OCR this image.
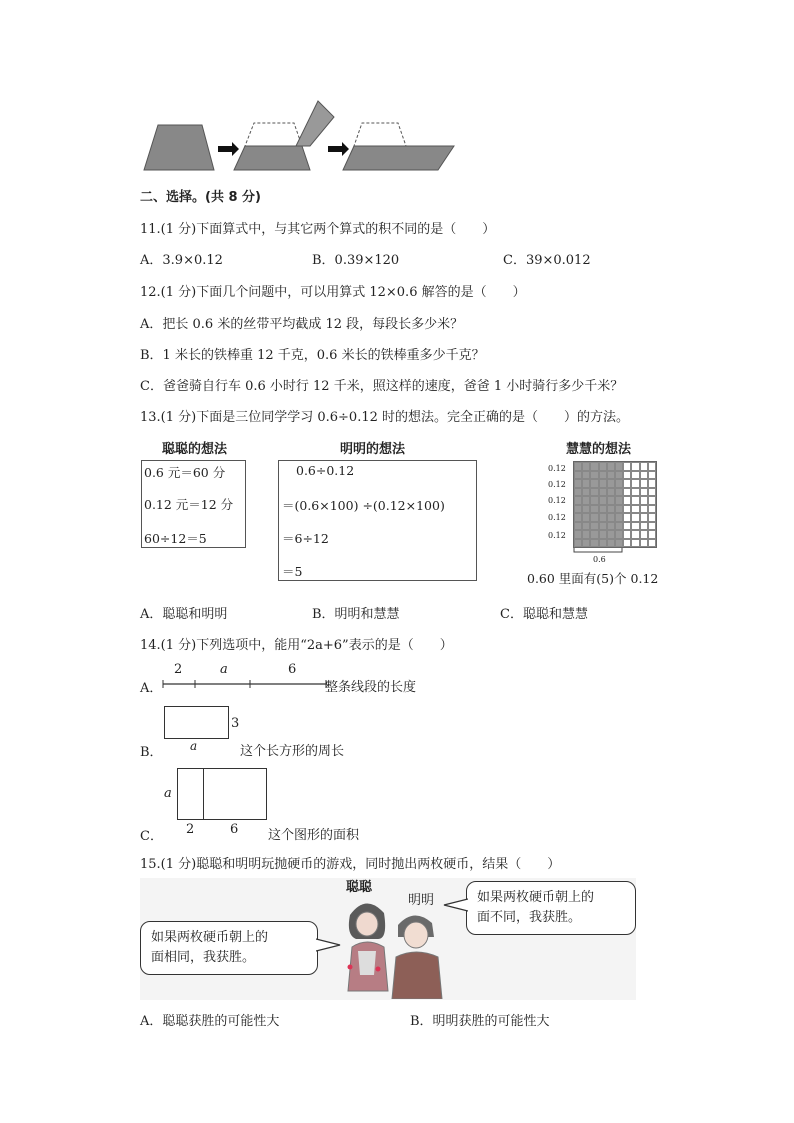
二、选择。(共 8 分)
11.(1 分)下面算式中，与其它两个算式的积不同的是（　　）
A．3.9×0.12	B．0.39×120	C．39×0.012
12.(1 分)下面几个问题中，可以用算式 12×0.6 解答的是（　　）
A．把长 0.6 米的丝带平均截成 12 段，每段长多少米？
B．1 米长的铁棒重 12 千克，0.6 米长的铁棒重多少千克？
C．爸爸骑自行车 0.6 小时行 12 千米，照这样的速度，爸爸 1 小时骑行多少千米？
13.(1 分)下面是三位同学学习 0.6÷0.12 时的想法。完全正确的是（　　）的方法。
聪聪的想法
0.6 元＝60 分
0.12 元＝12 分
60÷12＝5
明明的想法
0.6÷0.12
＝(0.6×100) ÷(0.12×100)
＝6÷12
＝5
慧慧的想法
0.12
0.12
0.12
0.12
0.12
0.6
0.60 里面有(5)个 0.12
A．聪聪和明明	B．明明和慧慧	C．聪聪和慧慧
14.(1 分)下列选项中，能用“2a+6”表示的是（　　）
A．
2	a	6
整条线段的长度
3
a
B．	这个长方形的周长
a
2	6
C．	这个图形的面积
15.(1 分)聪聪和明明玩抛硬币的游戏，同时抛出两枚硬币，结果（　　）
聪聪
明明
如果两枚硬币朝上的
面相同，我获胜。
如果两枚硬币朝上的
面不同，我获胜。
A．聪聪获胜的可能性大	B．明明获胜的可能性大
